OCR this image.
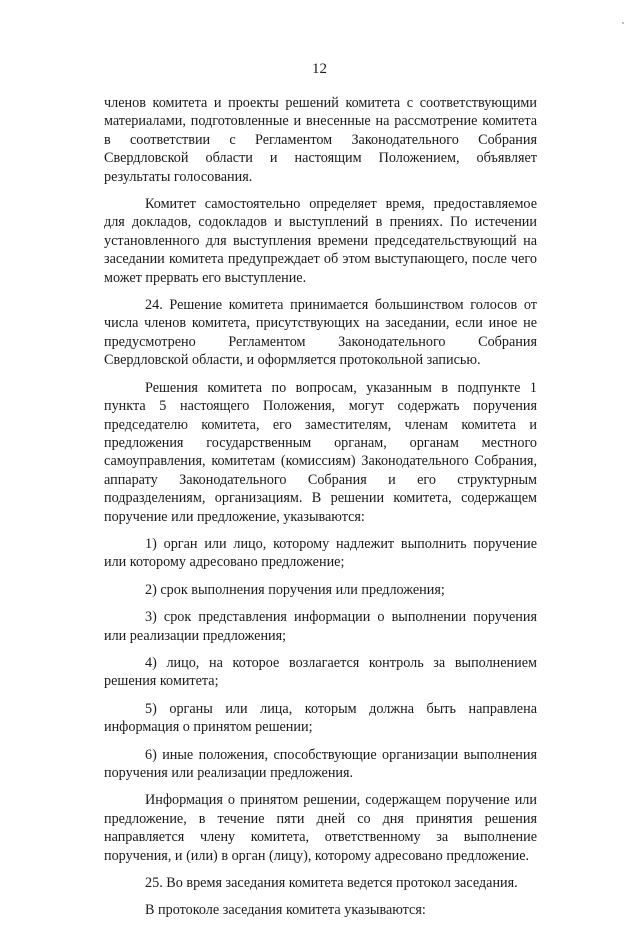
12

членов комитета и проекты решений комитета с соответствующими материалами, подготовленные и внесенные на рассмотрение комитета в соответствии с Регламентом Законодательного Собрания Свердловской области и настоящим Положением, объявляет результаты голосования.

Комитет самостоятельно определяет время, предоставляемое для докладов, содокладов и выступлений в прениях. По истечении установленного для выступления времени председательствующий на заседании комитета предупреждает об этом выступающего, после чего может прервать его выступление.

24. Решение комитета принимается большинством голосов от числа членов комитета, присутствующих на заседании, если иное не предусмотрено Регламентом Законодательного Собрания Свердловской области, и оформляется протокольной записью.

Решения комитета по вопросам, указанным в подпункте 1 пункта 5 настоящего Положения, могут содержать поручения председателю комитета, его заместителям, членам комитета и предложения государственным органам, органам местного самоуправления, комитетам (комиссиям) Законодательного Собрания, аппарату Законодательного Собрания и его структурным подразделениям, организациям. В решении комитета, содержащем поручение или предложение, указываются:

1) орган или лицо, которому надлежит выполнить поручение или которому адресовано предложение;

2) срок выполнения поручения или предложения;

3) срок представления информации о выполнении поручения или реализации предложения;

4) лицо, на которое возлагается контроль за выполнением решения комитета;

5) органы или лица, которым должна быть направлена информация о принятом решении;

6) иные положения, способствующие организации выполнения поручения или реализации предложения.

Информация о принятом решении, содержащем поручение или предложение, в течение пяти дней со дня принятия решения направляется члену комитета, ответственному за выполнение поручения, и (или) в орган (лицу), которому адресовано предложение.

25. Во время заседания комитета ведется протокол заседания.

В протоколе заседания комитета указываются:
